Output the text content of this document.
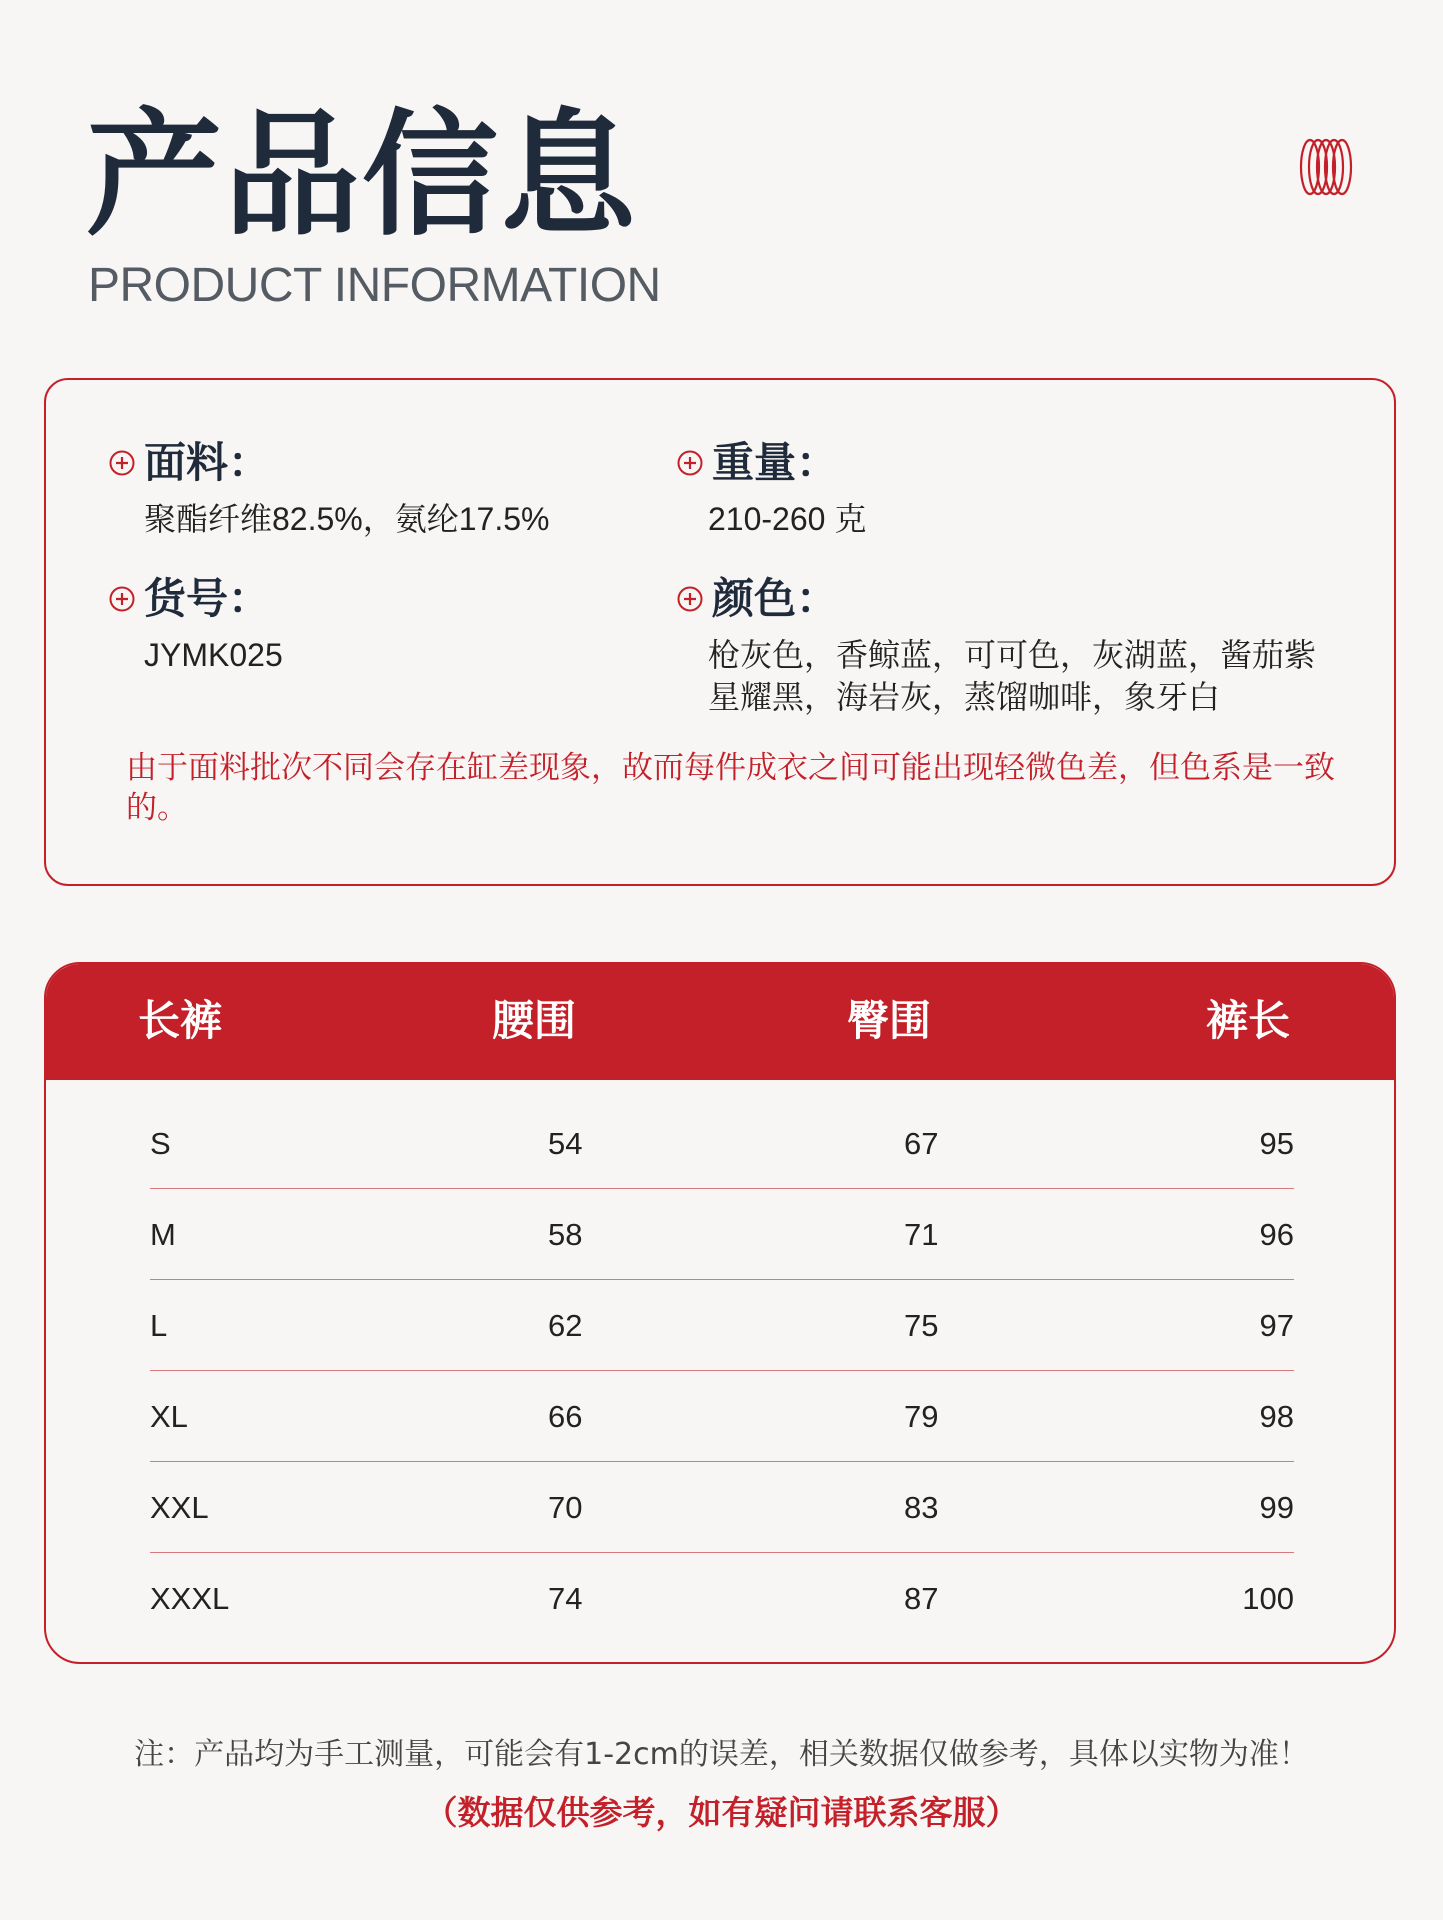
产品信息
PRODUCT INFORMATION
面料：
聚酯纤维82.5%，氨纶17.5%
重量：
210-260 克
货号：
JYMK025
颜色：
枪灰色，香鲸蓝，可可色，灰湖蓝，酱茄紫
星耀黑，海岩灰，蒸馏咖啡，象牙白
由于面料批次不同会存在缸差现象，故而每件成衣之间可能出现轻微色差，但色系是一致的。
长裤	腰围	臀围	裤长
S	54	67	95
M	58	71	96
L	62	75	97
XL	66	79	98
XXL	70	83	99
XXXL	74	87	100
注：产品均为手工测量，可能会有1-2cm的误差，相关数据仅做参考，具体以实物为准！
（数据仅供参考，如有疑问请联系客服）
